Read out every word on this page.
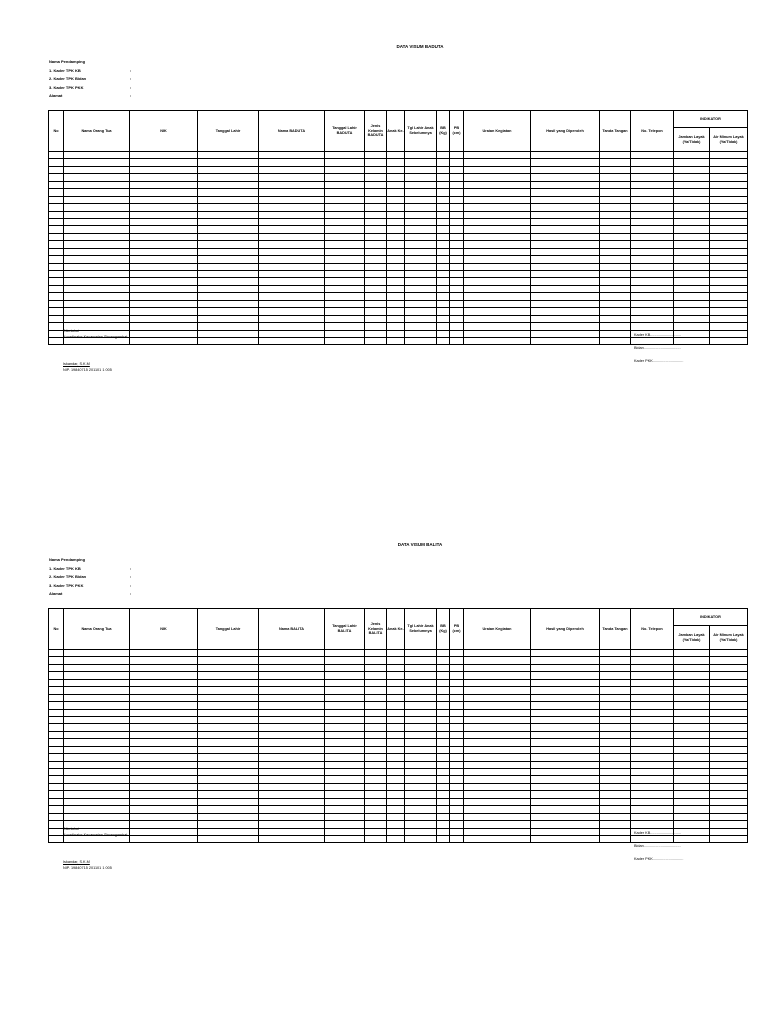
DATA VISUM BADUTA
Nama Pendamping
1. Kader TPK KB	:
2. Kader TPK Bidan	:
3. Kader TPK PKK	:
Alamat	:
No	Nama Orang Tua	NIK	Tanggal Lahir	Nama BADUTA	Tanggal Lahir BADUTA	Jenis Kelamin BADUTA	Anak Ke-	Tgl Lahir Anak Sebelumnya	BB (Kg)	PB (cm)	Uraian Kegiatan	Hasil yang Diperoleh	Tanda Tangan	No. Telepon	INDIKATOR	
															Jamban Layak (Ya/Tidak)	Air Minum Layak (Ya/Tidak)

Diketahui
Koordinator Kecamatan Simangambat
Iskandar, S.K.M
NIP. 19840715 201101 1 005
Kader KB.............................
Bidan...................................
Kader PKK.............................
DATA VISUM BALITA
Nama Pendamping
1. Kader TPK KB	:
2. Kader TPK Bidan	:
3. Kader TPK PKK	:
Alamat	:
No	Nama Orang Tua	NIK	Tanggal Lahir	Nama BALITA	Tanggal Lahir BALITA	Jenis Kelamin BALITA	Anak Ke-	Tgl Lahir Anak Sebelumnya	BB (Kg)	PB (cm)	Uraian Kegiatan	Hasil yang Diperoleh	Tanda Tangan	No. Telepon	INDIKATOR	
															Jamban Layak (Ya/Tidak)	Air Minum Layak (Ya/Tidak)

Diketahui
Koordinator Kecamatan Simangambat
Iskandar, S.K.M
NIP. 19840715 201101 1 005
Kader KB.............................
Bidan...................................
Kader PKK.............................
